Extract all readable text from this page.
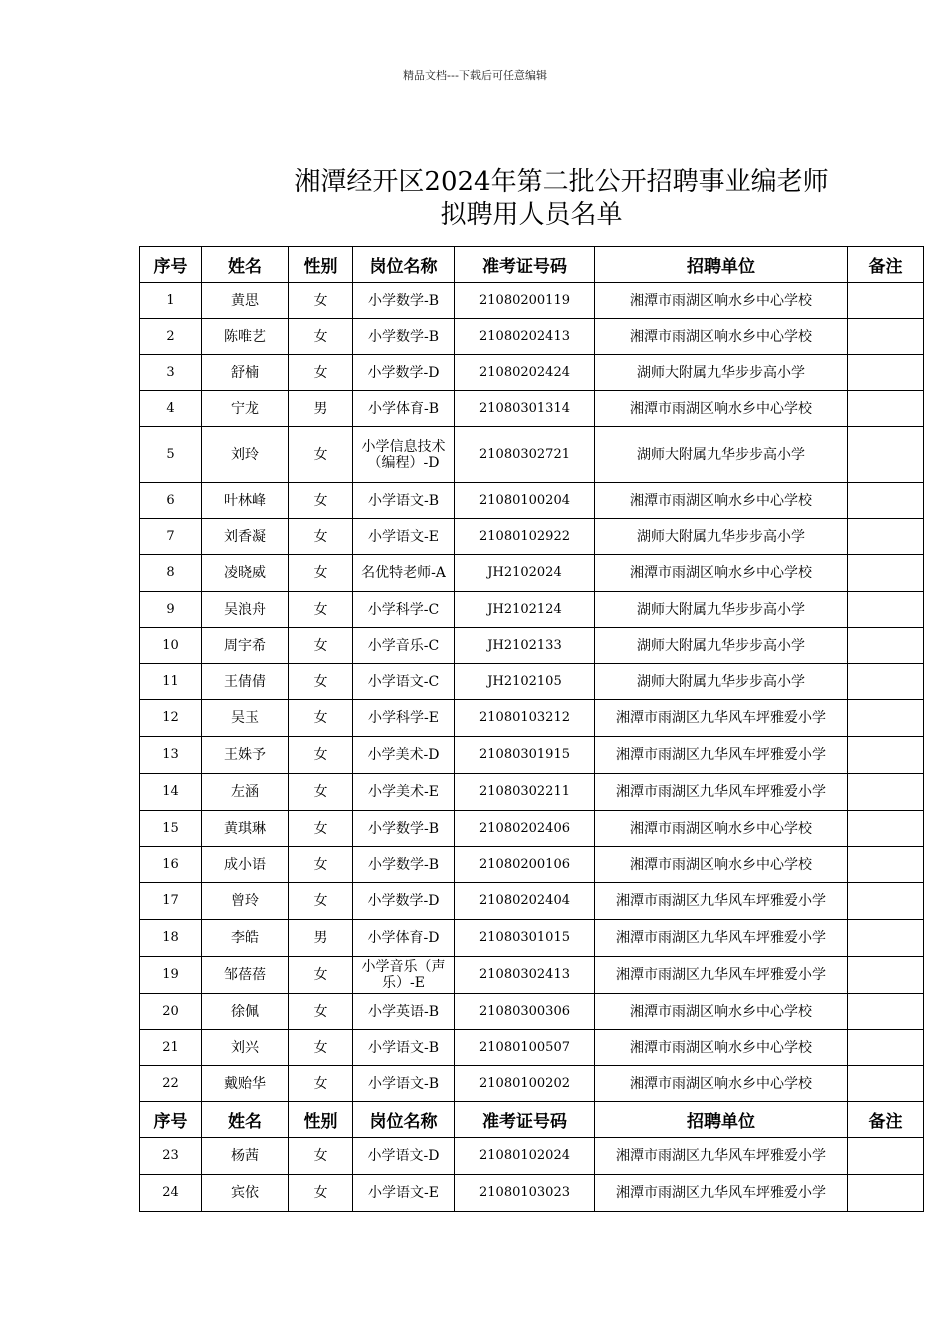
精品文档---下载后可任意编辑
湘潭经开区2024年第二批公开招聘事业编老师
拟聘用人员名单
序号	姓名	性别	岗位名称	准考证号码	招聘单位	备注
1	黄思	女	小学数学-B	21080200119	湘潭市雨湖区响水乡中心学校	
2	陈唯艺	女	小学数学-B	21080202413	湘潭市雨湖区响水乡中心学校	
3	舒楠	女	小学数学-D	21080202424	湖师大附属九华步步高小学	
4	宁龙	男	小学体育-B	21080301314	湘潭市雨湖区响水乡中心学校	
5	刘玲	女	小学信息技术（编程）-D	21080302721	湖师大附属九华步步高小学	
6	叶林峰	女	小学语文-B	21080100204	湘潭市雨湖区响水乡中心学校	
7	刘香凝	女	小学语文-E	21080102922	湖师大附属九华步步高小学	
8	凌晓威	女	名优特老师-A	JH2102024	湘潭市雨湖区响水乡中心学校	
9	吴浪舟	女	小学科学-C	JH2102124	湖师大附属九华步步高小学	
10	周宇希	女	小学音乐-C	JH2102133	湖师大附属九华步步高小学	
11	王倩倩	女	小学语文-C	JH2102105	湖师大附属九华步步高小学	
12	吴玉	女	小学科学-E	21080103212	湘潭市雨湖区九华风车坪雅爱小学	
13	王姝予	女	小学美术-D	21080301915	湘潭市雨湖区九华风车坪雅爱小学	
14	左涵	女	小学美术-E	21080302211	湘潭市雨湖区九华风车坪雅爱小学	
15	黄琪琳	女	小学数学-B	21080202406	湘潭市雨湖区响水乡中心学校	
16	成小语	女	小学数学-B	21080200106	湘潭市雨湖区响水乡中心学校	
17	曾玲	女	小学数学-D	21080202404	湘潭市雨湖区九华风车坪雅爱小学	
18	李皓	男	小学体育-D	21080301015	湘潭市雨湖区九华风车坪雅爱小学	
19	邹蓓蓓	女	小学音乐（声乐）-E	21080302413	湘潭市雨湖区九华风车坪雅爱小学	
20	徐佩	女	小学英语-B	21080300306	湘潭市雨湖区响水乡中心学校	
21	刘兴	女	小学语文-B	21080100507	湘潭市雨湖区响水乡中心学校	
22	戴贻华	女	小学语文-B	21080100202	湘潭市雨湖区响水乡中心学校	
序号	姓名	性别	岗位名称	准考证号码	招聘单位	备注
23	杨茜	女	小学语文-D	21080102024	湘潭市雨湖区九华风车坪雅爱小学	
24	宾依	女	小学语文-E	21080103023	湘潭市雨湖区九华风车坪雅爱小学	
